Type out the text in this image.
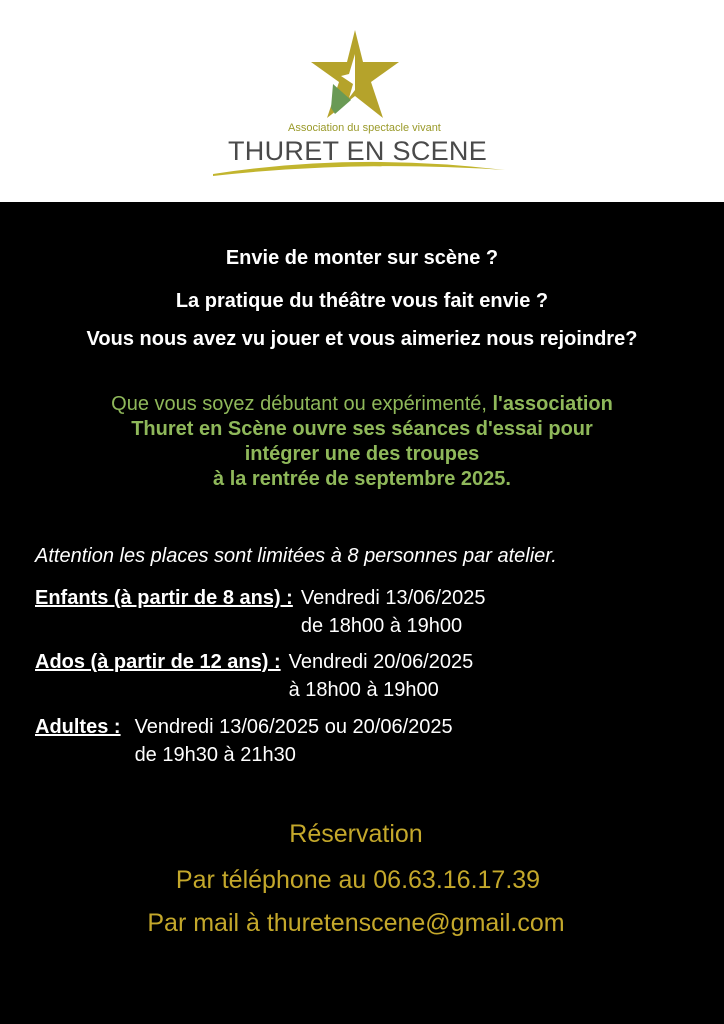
Association du spectacle vivant
THURET EN SCENE
Envie de monter sur scène ?
La pratique du théâtre vous fait envie ?
Vous nous avez vu jouer et vous aimeriez nous rejoindre?
Que vous soyez débutant ou expérimenté, l'association
Thuret en Scène ouvre ses séances d'essai pour
intégrer une des troupes
à la rentrée de septembre 2025.
Attention les places sont limitées à 8 personnes par atelier.
Enfants (à partir de 8 ans) : Vendredi 13/06/2025
de 18h00 à 19h00
Ados (à partir de 12 ans) : Vendredi 20/06/2025
à 18h00 à 19h00
Adultes : Vendredi 13/06/2025 ou 20/06/2025
de 19h30 à 21h30
Réservation
Par téléphone au 06.63.16.17.39
Par mail à thuretenscene@gmail.com
